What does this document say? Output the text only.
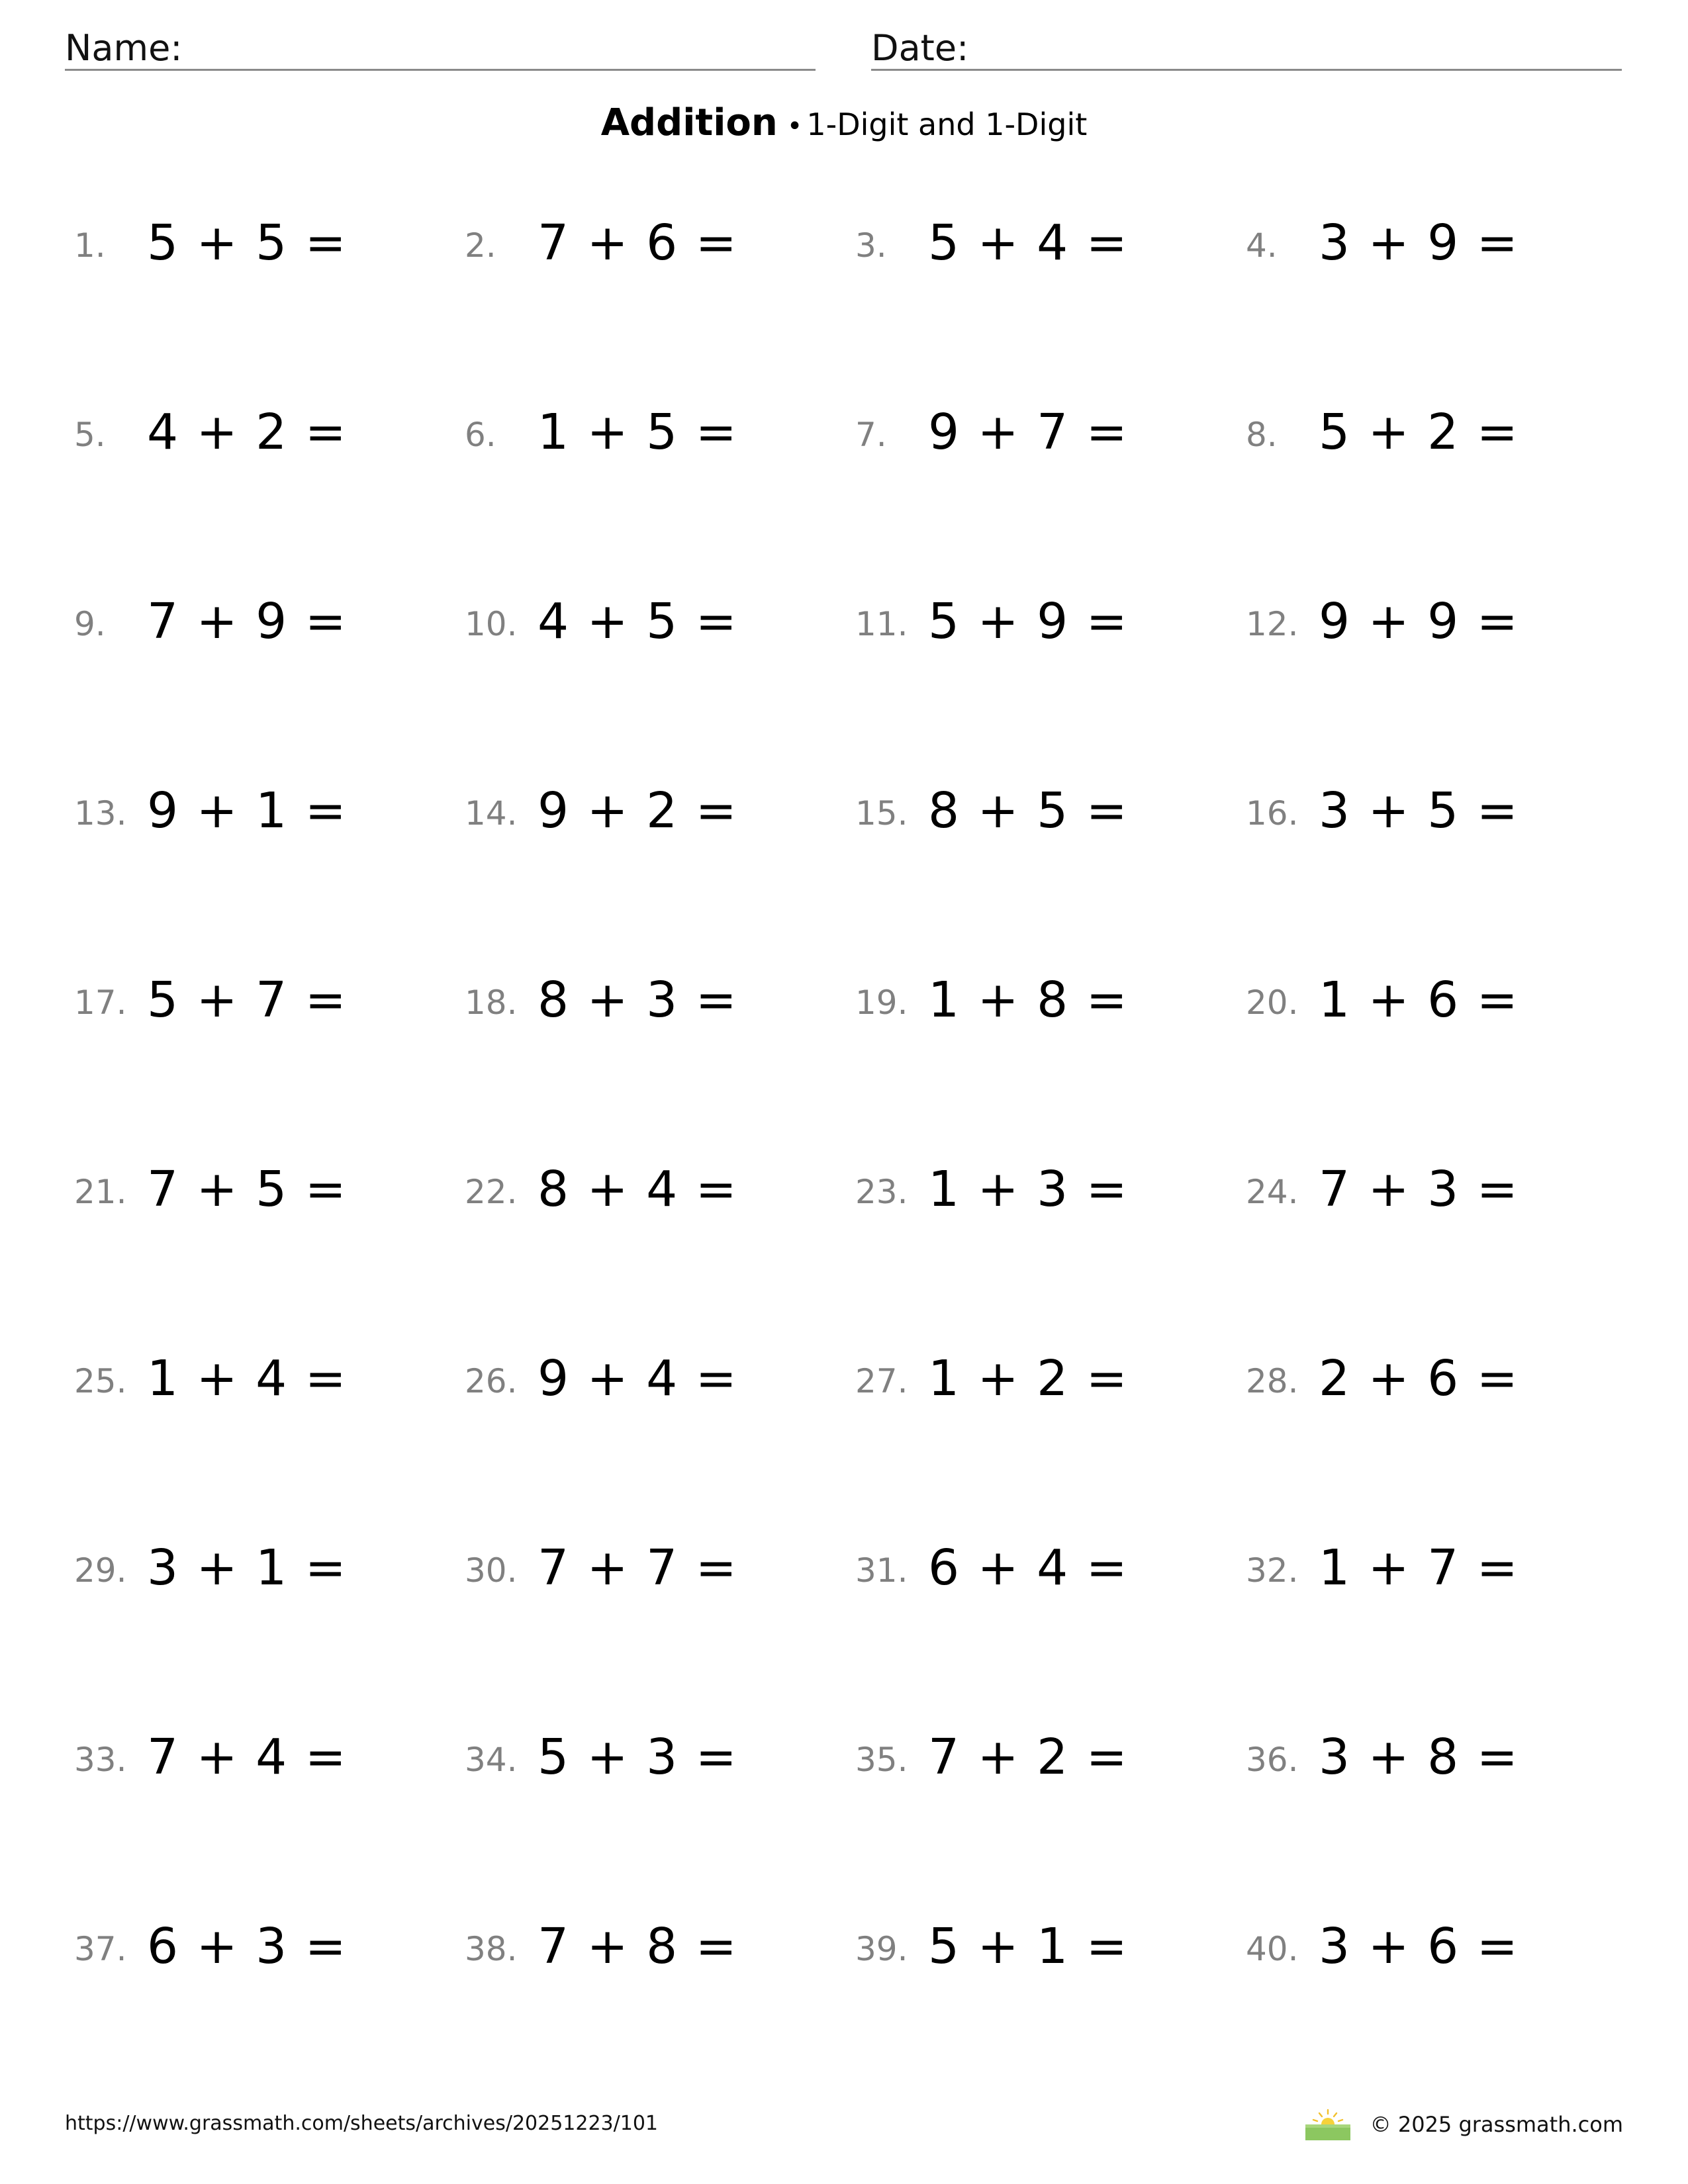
Name:	Date:
Addition • 1-Digit and 1-Digit
1. 5 + 5 =	2. 7 + 6 =	3. 5 + 4 =	4. 3 + 9 =
5. 4 + 2 =	6. 1 + 5 =	7. 9 + 7 =	8. 5 + 2 =
9. 7 + 9 =	10. 4 + 5 =	11. 5 + 9 =	12. 9 + 9 =
13. 9 + 1 =	14. 9 + 2 =	15. 8 + 5 =	16. 3 + 5 =
17. 5 + 7 =	18. 8 + 3 =	19. 1 + 8 =	20. 1 + 6 =
21. 7 + 5 =	22. 8 + 4 =	23. 1 + 3 =	24. 7 + 3 =
25. 1 + 4 =	26. 9 + 4 =	27. 1 + 2 =	28. 2 + 6 =
29. 3 + 1 =	30. 7 + 7 =	31. 6 + 4 =	32. 1 + 7 =
33. 7 + 4 =	34. 5 + 3 =	35. 7 + 2 =	36. 3 + 8 =
37. 6 + 3 =	38. 7 + 8 =	39. 5 + 1 =	40. 3 + 6 =
https://www.grassmath.com/sheets/archives/20251223/101	© 2025 grassmath.com
